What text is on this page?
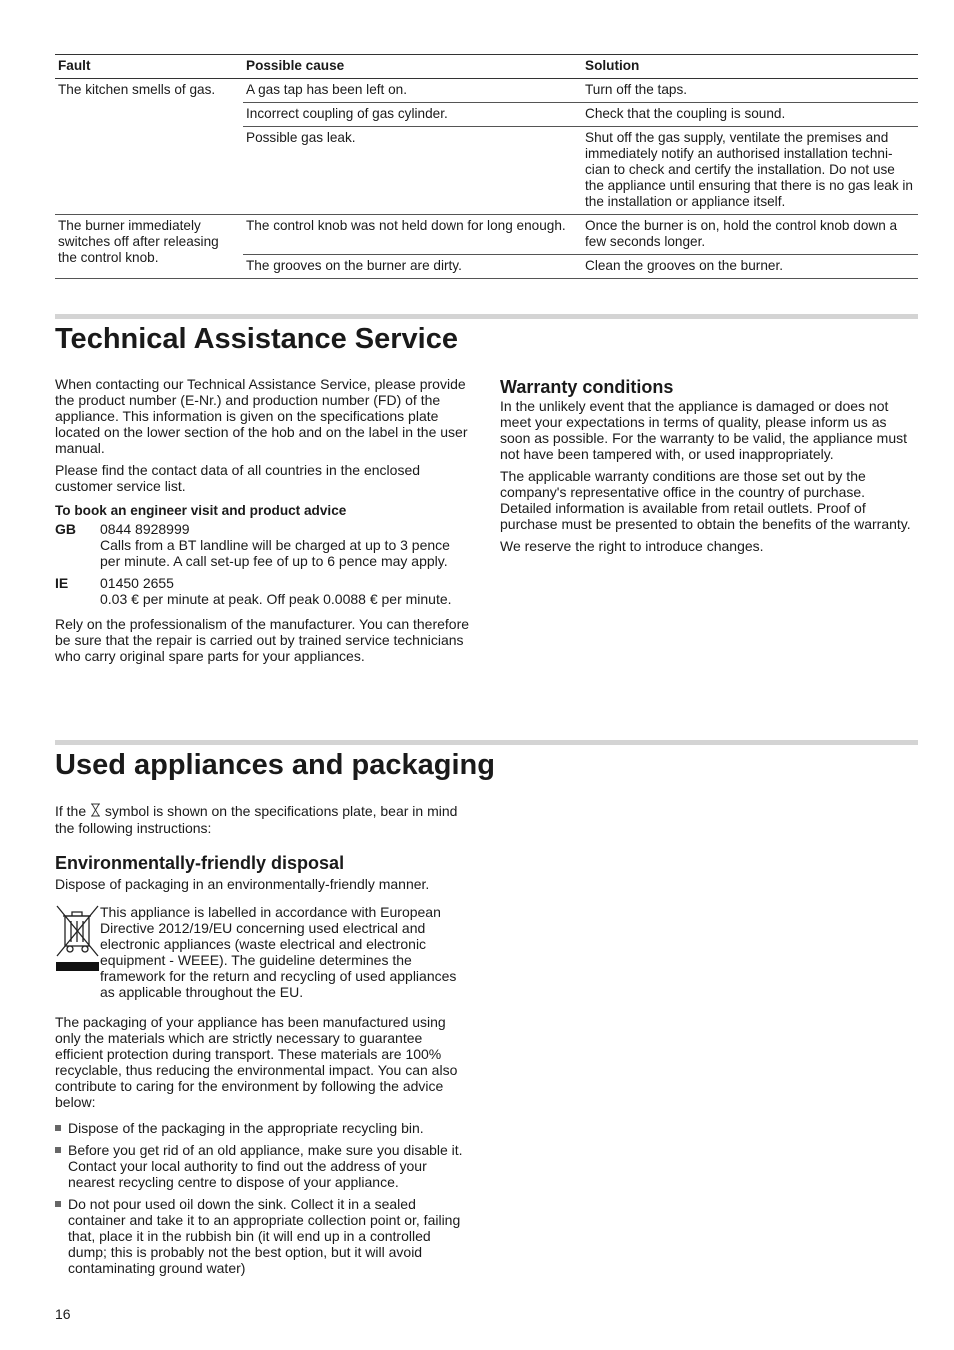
Fault	Possible cause	Solution
The kitchen smells of gas.	A gas tap has been left on.	Turn off the taps.
	Incorrect coupling of gas cylinder.	Check that the coupling is sound.
	Possible gas leak.	Shut off the gas supply, ventilate the premises and immediately notify an authorised installation techni-cian to check and certify the installation. Do not use the appliance until ensuring that there is no gas leak in the installation or appliance itself.
The burner immediately switches off after releasing the control knob.	The control knob was not held down for long enough.	Once the burner is on, hold the control knob down a few seconds longer.
	The grooves on the burner are dirty.	Clean the grooves on the burner.
Technical Assistance Service

When contacting our Technical Assistance Service, please provide the product number (E-Nr.) and production number (FD) of the appliance. This information is given on the specifications plate located on the lower section of the hob and on the label in the user manual.

Please find the contact data of all countries in the enclosed customer service list.

To book an engineer visit and product advice
GB	0844 8928999
Calls from a BT landline will be charged at up to 3 pence per minute. A call set-up fee of up to 6 pence may apply.
IE	01450 2655
0.03 € per minute at peak. Off peak 0.0088 € per minute.

Rely on the professionalism of the manufacturer. You can therefore be sure that the repair is carried out by trained service technicians who carry original spare parts for your appliances.

Warranty conditions

In the unlikely event that the appliance is damaged or does not meet your expectations in terms of quality, please inform us as soon as possible. For the warranty to be valid, the appliance must not have been tampered with, or used inappropriately.

The applicable warranty conditions are those set out by the company's representative office in the country of purchase. Detailed information is available from retail outlets. Proof of purchase must be presented to obtain the benefits of the warranty.

We reserve the right to introduce changes.

Used appliances and packaging

If the  symbol is shown on the specifications plate, bear in mind the following instructions:

Environmentally-friendly disposal

Dispose of packaging in an environmentally-friendly manner.

This appliance is labelled in accordance with European Directive 2012/19/EU concerning used electrical and electronic appliances (waste electrical and electronic equipment - WEEE). The guideline determines the framework for the return and recycling of used appliances as applicable throughout the EU.

The packaging of your appliance has been manufactured using only the materials which are strictly necessary to guarantee efficient protection during transport. These materials are 100% recyclable, thus reducing the environmental impact. You can also contribute to caring for the environment by following the advice below:

Dispose of the packaging in the appropriate recycling bin.
Before you get rid of an old appliance, make sure you disable it. Contact your local authority to find out the address of your nearest recycling centre to dispose of your appliance.
Do not pour used oil down the sink. Collect it in a sealed container and take it to an appropriate collection point or, failing that, place it in the rubbish bin (it will end up in a controlled dump; this is probably not the best option, but it will avoid contaminating ground water)
16
